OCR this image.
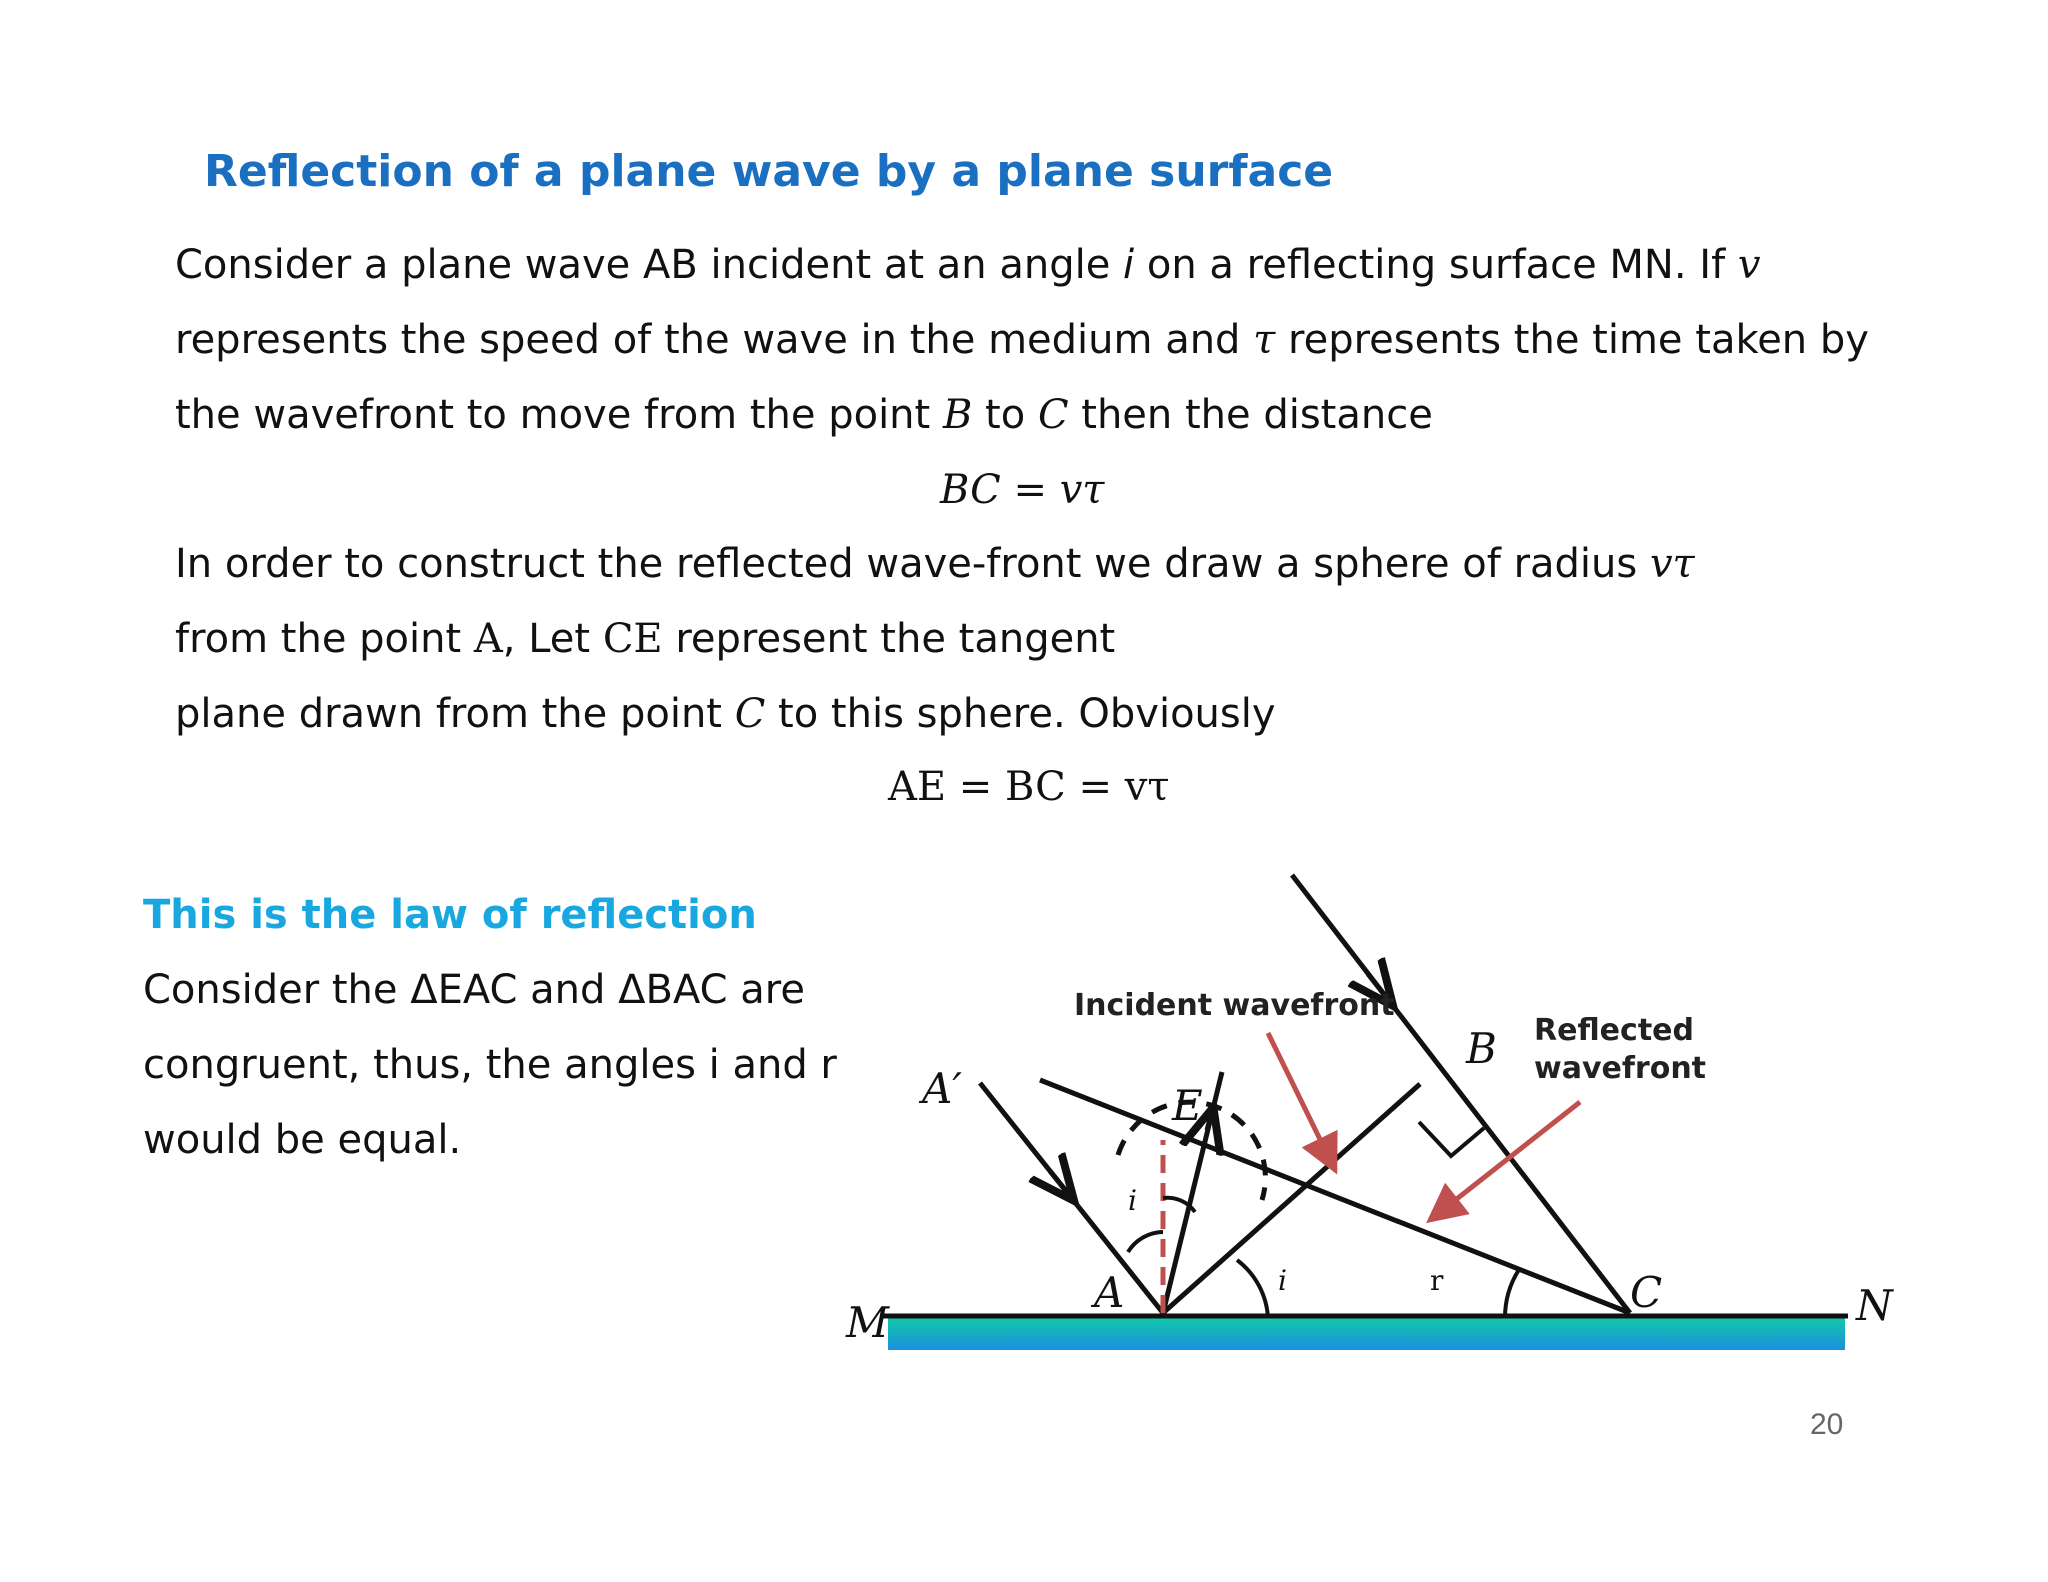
Reflection of a plane wave by a plane surface
Consider a plane wave AB incident at an angle i on a reflecting surface MN. If v
represents the speed of the wave in the medium and τ represents the time taken by
the wavefront to move from the point B to C then the distance
BC = vτ
In order to construct the reflected wave-front we draw a sphere of radius vτ
from the point A, Let CE represent the tangent
plane drawn from the point C to this sphere. Obviously
AE = BC = vτ
This is the law of reflection
Consider the ΔEAC and ΔBAC are
congruent, thus, the angles i and r
would be equal.
M	N
A
A′
B
C
E
i
i	r
Incident wavefront
Reflected
wavefront
20
